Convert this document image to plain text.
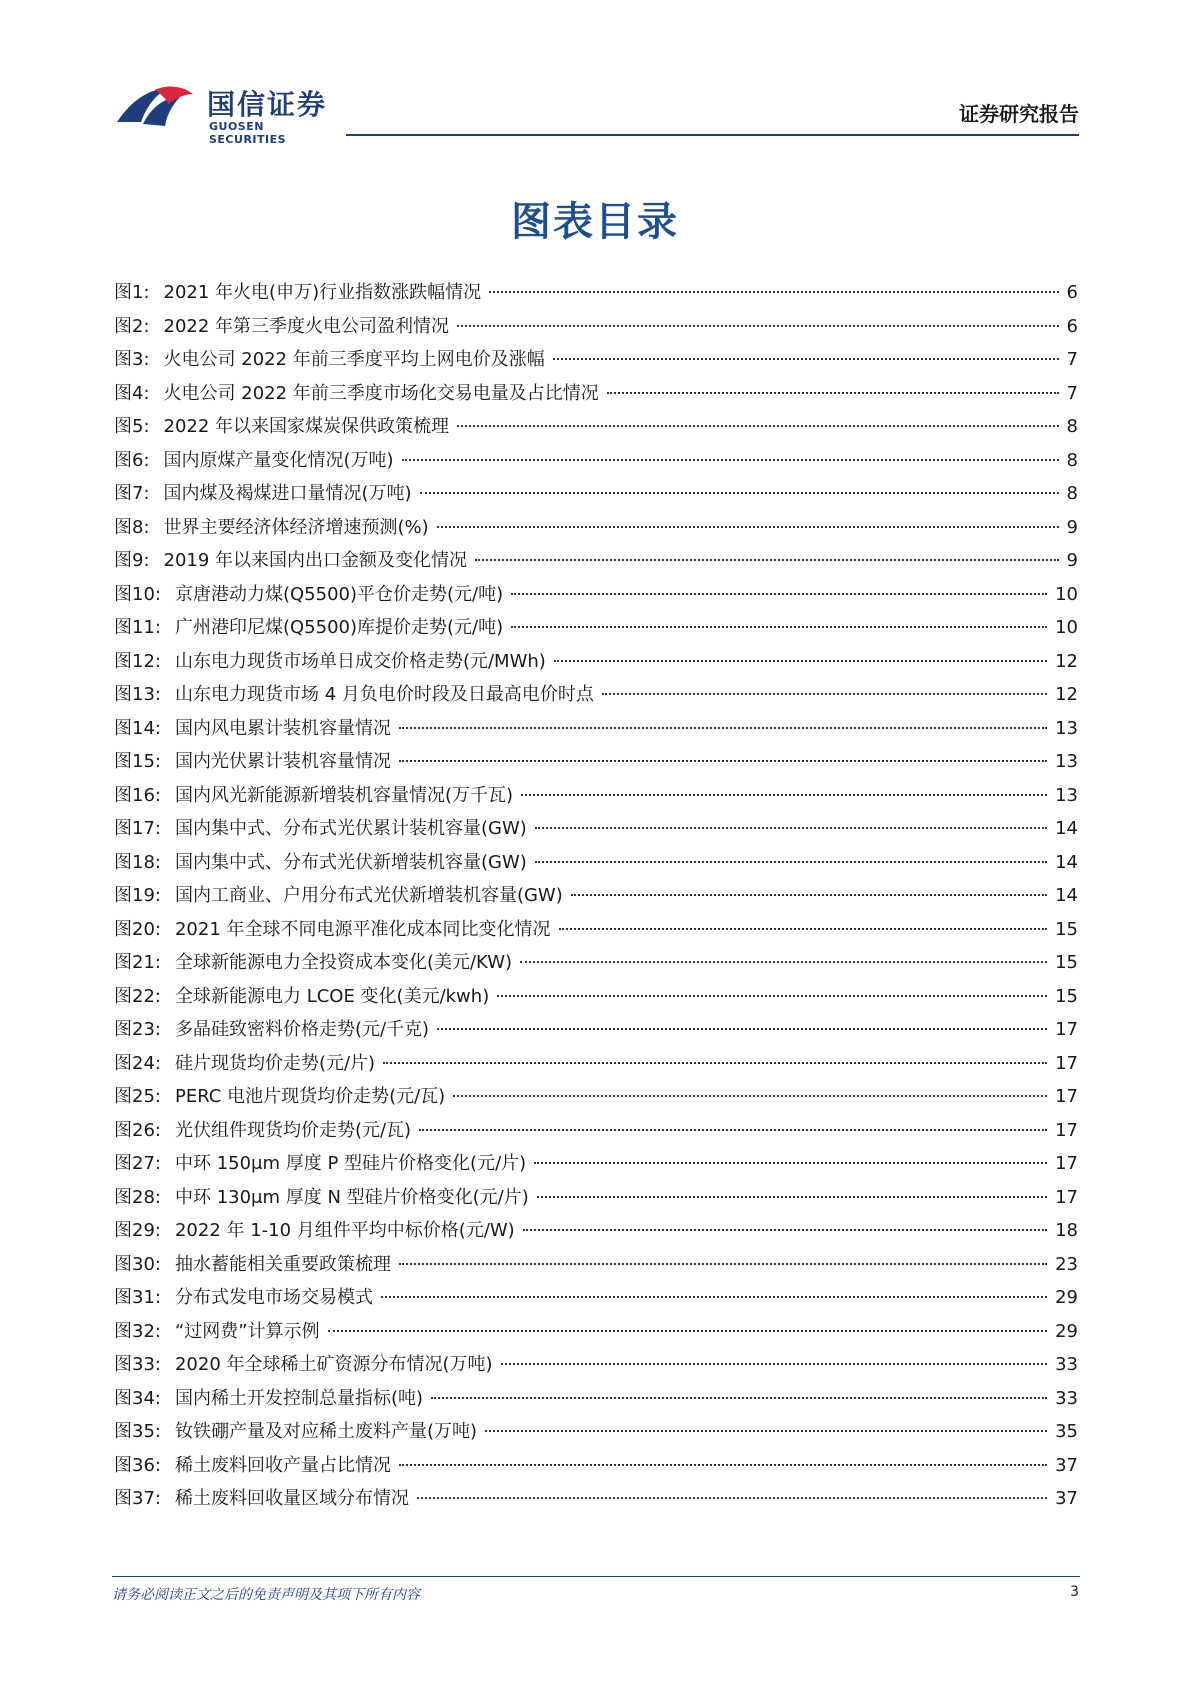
国信证券
GUOSEN SECURITIES
证券研究报告
图表目录
图1: 2021 年火电(申万)行业指数涨跌幅情况	6
图2: 2022 年第三季度火电公司盈利情况	6
图3: 火电公司 2022 年前三季度平均上网电价及涨幅	7
图4: 火电公司 2022 年前三季度市场化交易电量及占比情况	7
图5: 2022 年以来国家煤炭保供政策梳理	8
图6: 国内原煤产量变化情况(万吨)	8
图7: 国内煤及褐煤进口量情况(万吨)	8
图8: 世界主要经济体经济增速预测(%)	9
图9: 2019 年以来国内出口金额及变化情况	9
图10: 京唐港动力煤(Q5500)平仓价走势(元/吨)	10
图11: 广州港印尼煤(Q5500)库提价走势(元/吨)	10
图12: 山东电力现货市场单日成交价格走势(元/MWh)	12
图13: 山东电力现货市场 4 月负电价时段及日最高电价时点	12
图14: 国内风电累计装机容量情况	13
图15: 国内光伏累计装机容量情况	13
图16: 国内风光新能源新增装机容量情况(万千瓦)	13
图17: 国内集中式、分布式光伏累计装机容量(GW)	14
图18: 国内集中式、分布式光伏新增装机容量(GW)	14
图19: 国内工商业、户用分布式光伏新增装机容量(GW)	14
图20: 2021 年全球不同电源平准化成本同比变化情况	15
图21: 全球新能源电力全投资成本变化(美元/KW)	15
图22: 全球新能源电力 LCOE 变化(美元/kwh)	15
图23: 多晶硅致密料价格走势(元/千克)	17
图24: 硅片现货均价走势(元/片)	17
图25: PERC 电池片现货均价走势(元/瓦)	17
图26: 光伏组件现货均价走势(元/瓦)	17
图27: 中环 150μm 厚度 P 型硅片价格变化(元/片)	17
图28: 中环 130μm 厚度 N 型硅片价格变化(元/片)	17
图29: 2022 年 1-10 月组件平均中标价格(元/W)	18
图30: 抽水蓄能相关重要政策梳理	23
图31: 分布式发电市场交易模式	29
图32: “过网费”计算示例	29
图33: 2020 年全球稀土矿资源分布情况(万吨)	33
图34: 国内稀土开发控制总量指标(吨)	33
图35: 钕铁硼产量及对应稀土废料产量(万吨)	35
图36: 稀土废料回收产量占比情况	37
图37: 稀土废料回收量区域分布情况	37
请务必阅读正文之后的免责声明及其项下所有内容	3
